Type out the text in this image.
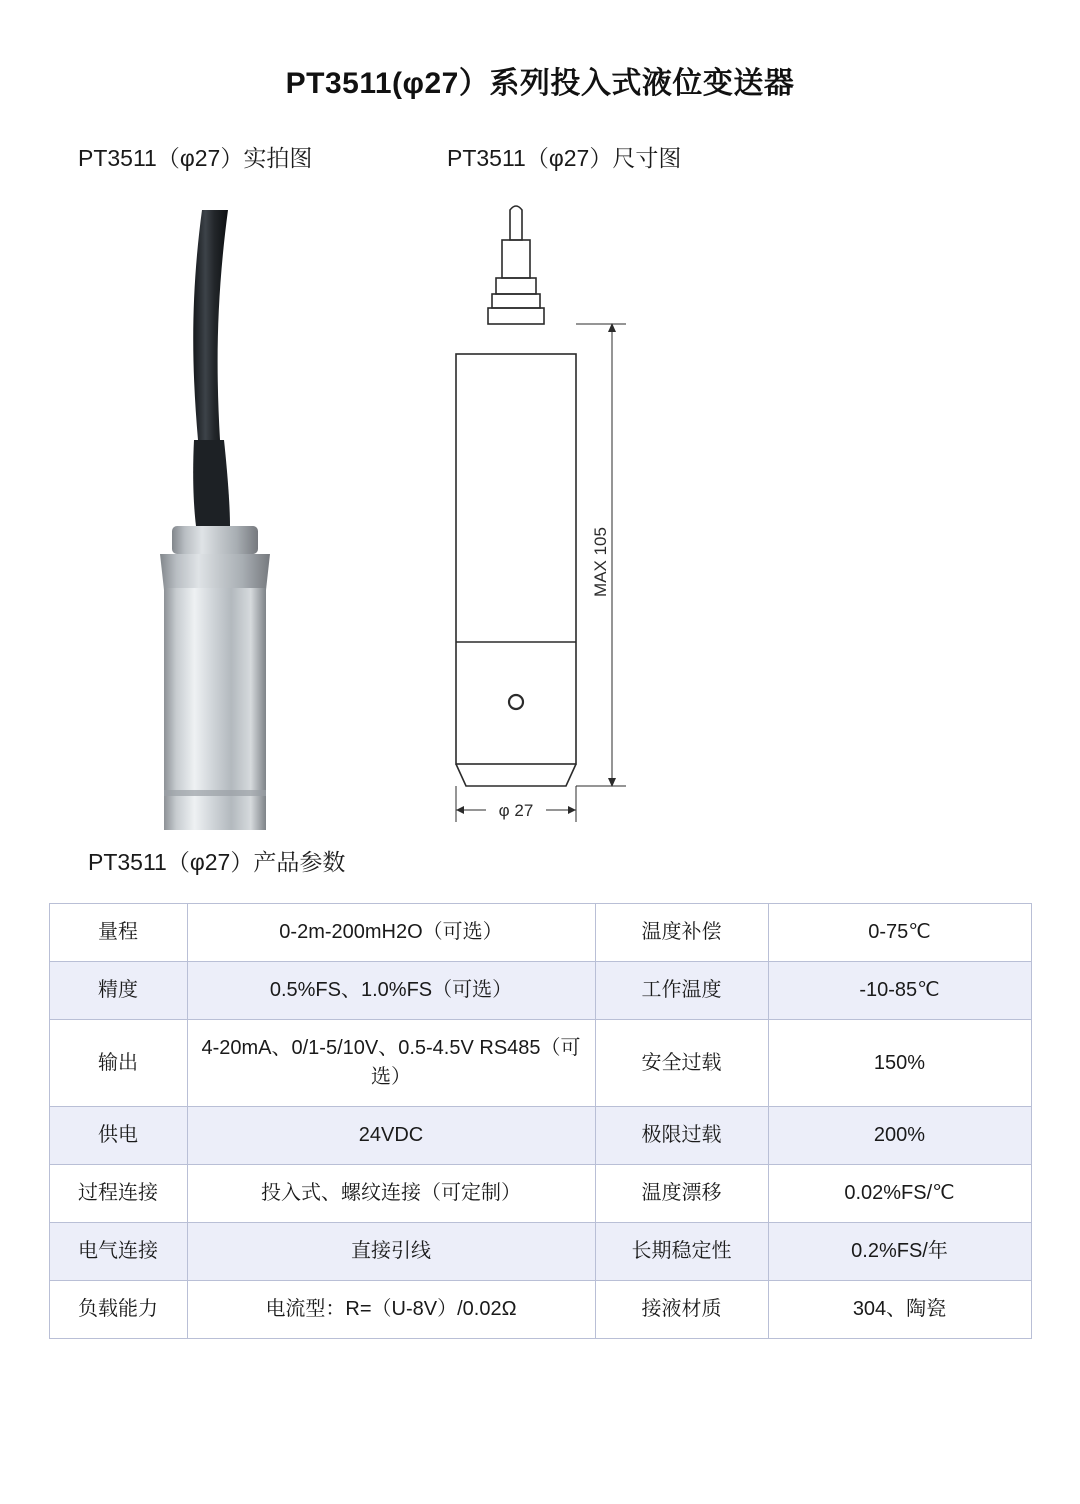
PT3511(φ27）系列投入式液位变送器
PT3511（φ27）实拍图	PT3511（φ27）尺寸图
MAX 105
φ 27
PT3511（φ27）产品参数
量程	0-2m-200mH2O（可选）	温度补偿	0-75℃
精度	0.5%FS、1.0%FS（可选）	工作温度	-10-85℃
输出	4-20mA、0/1-5/10V、0.5-4.5V RS485（可选）	安全过载	150%
供电	24VDC	极限过载	200%
过程连接	投入式、螺纹连接（可定制）	温度漂移	0.02%FS/℃
电气连接	直接引线	长期稳定性	0.2%FS/年
负载能力	电流型：R=（U-8V）/0.02Ω	接液材质	304、陶瓷
